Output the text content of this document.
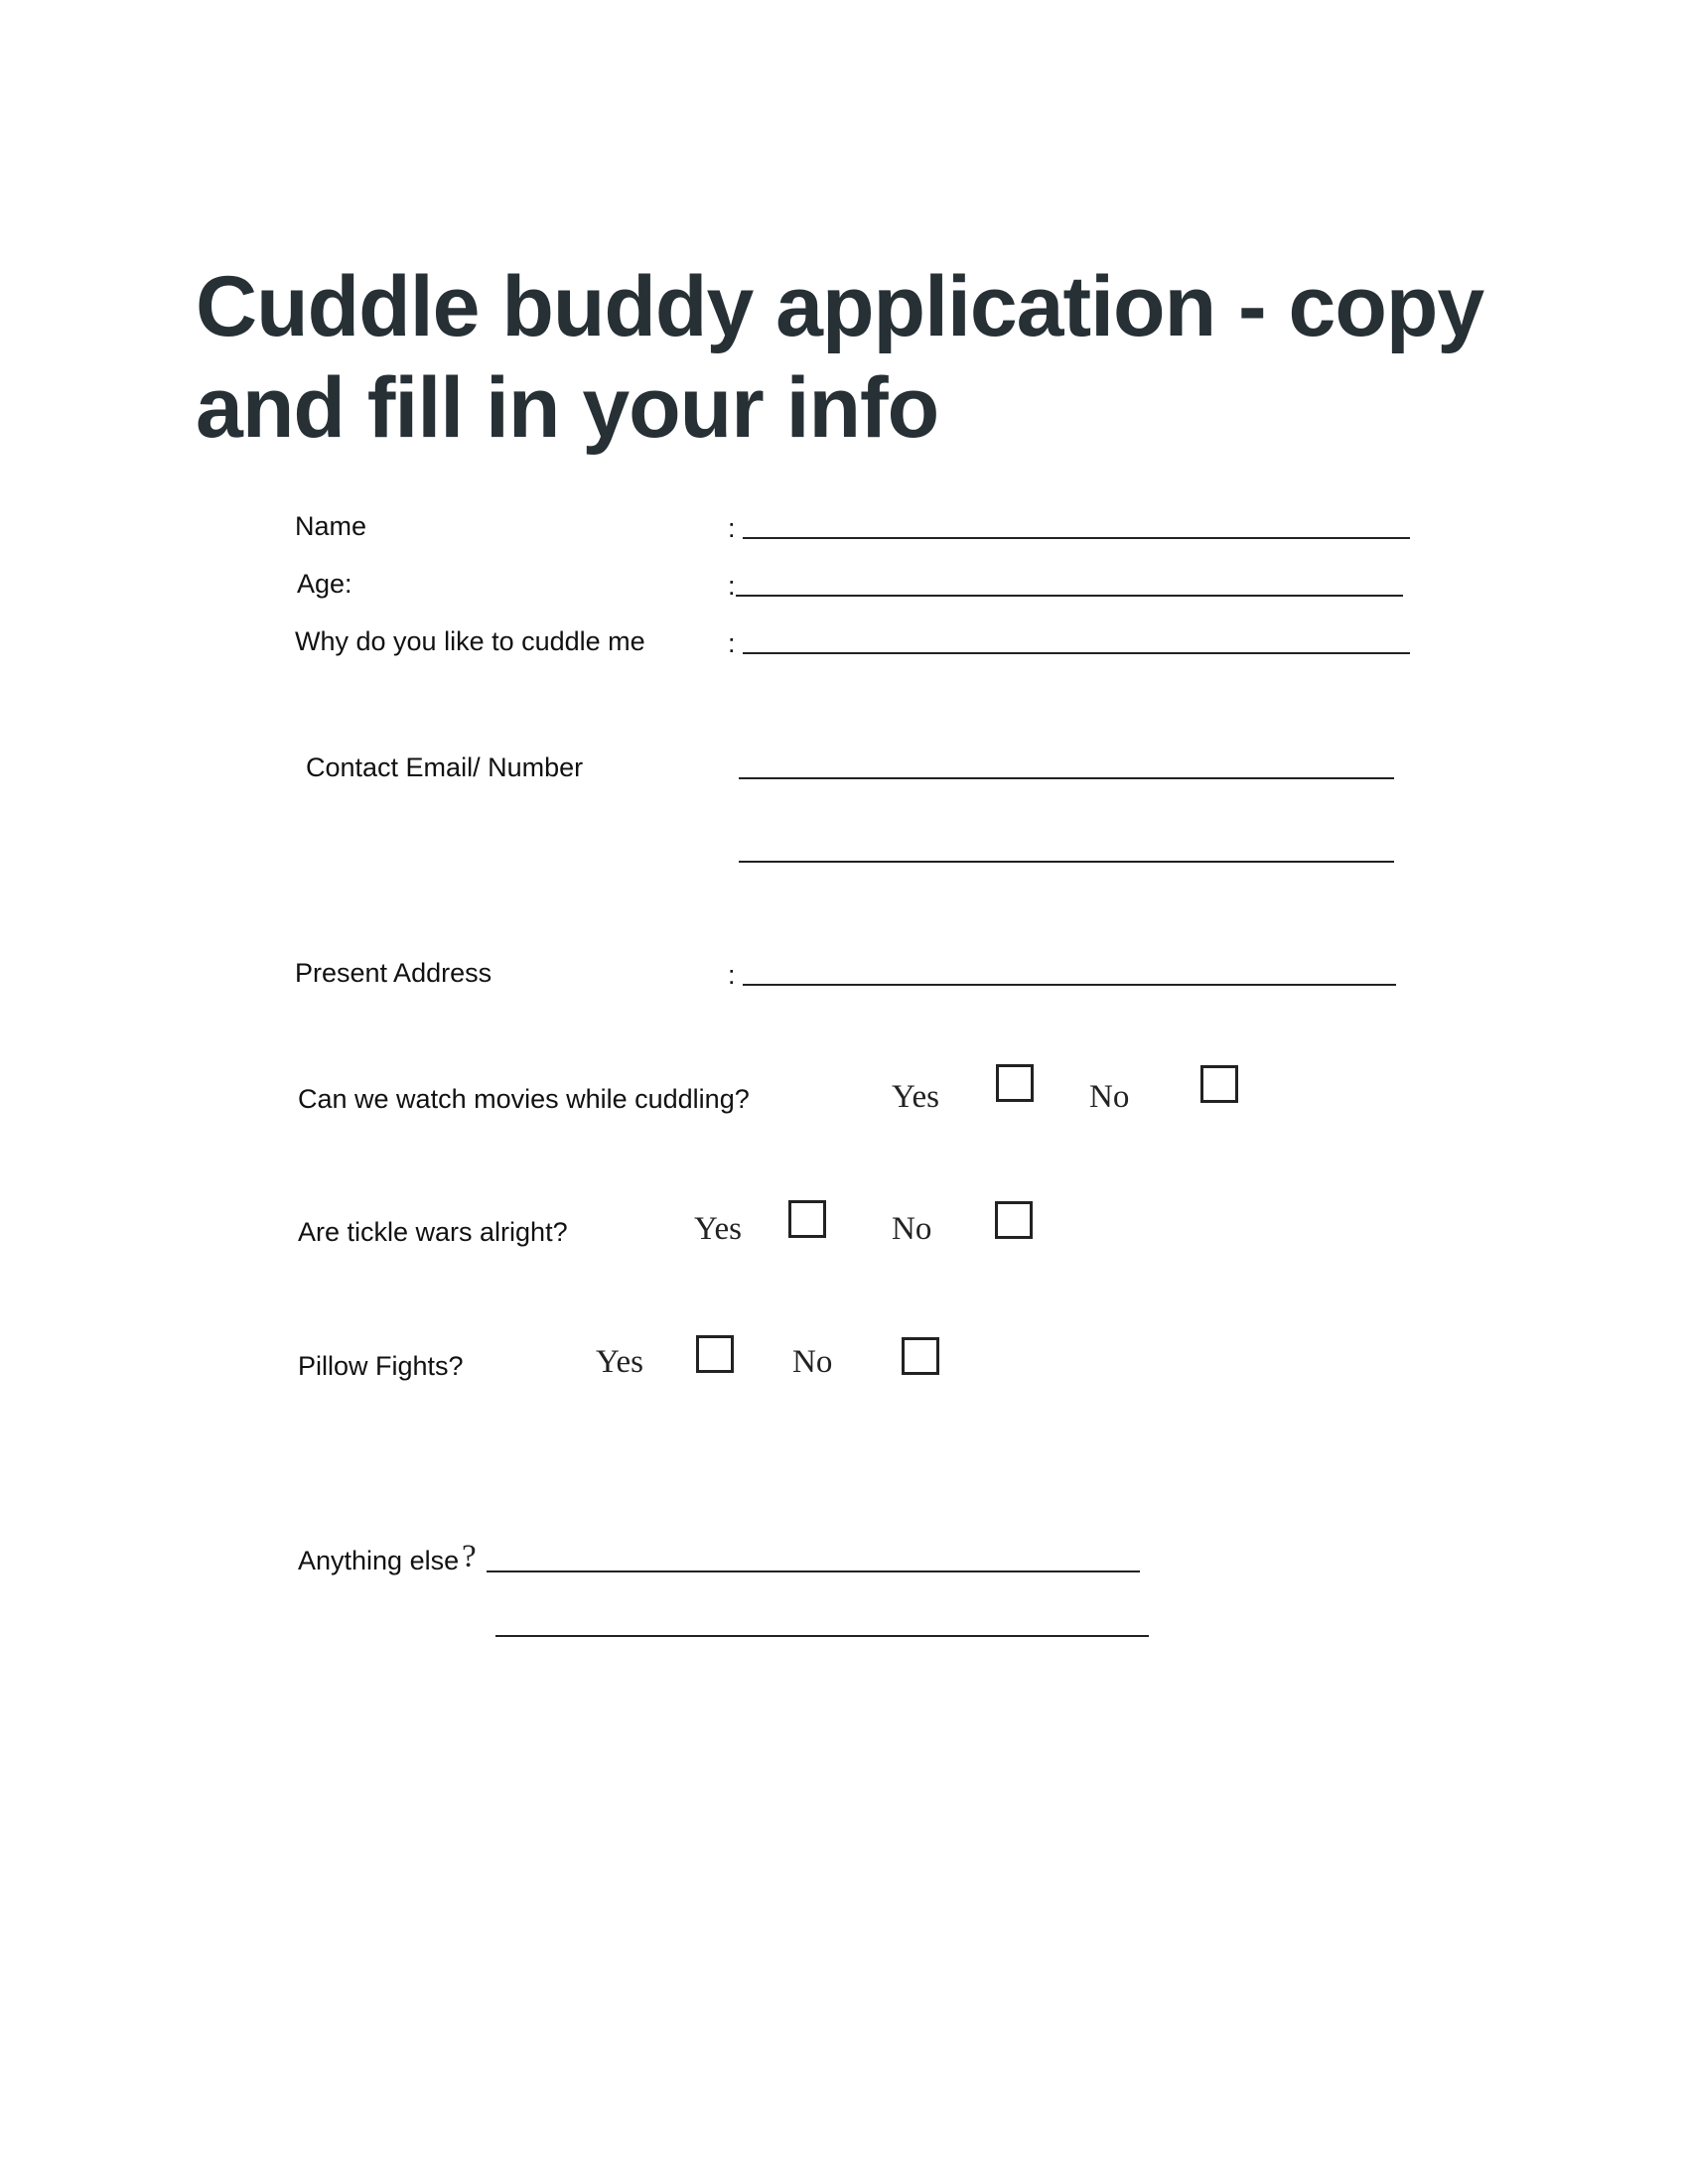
Cuddle buddy application - copy and fill in your info
Name	:
Age:	:
Why do you like to cuddle me	:
Contact Email/ Number
Present Address	:
Can we watch movies while cuddling?	Yes	No
Are tickle wars alright?	Yes	No
Pillow Fights?	Yes	No
Anything else ?
